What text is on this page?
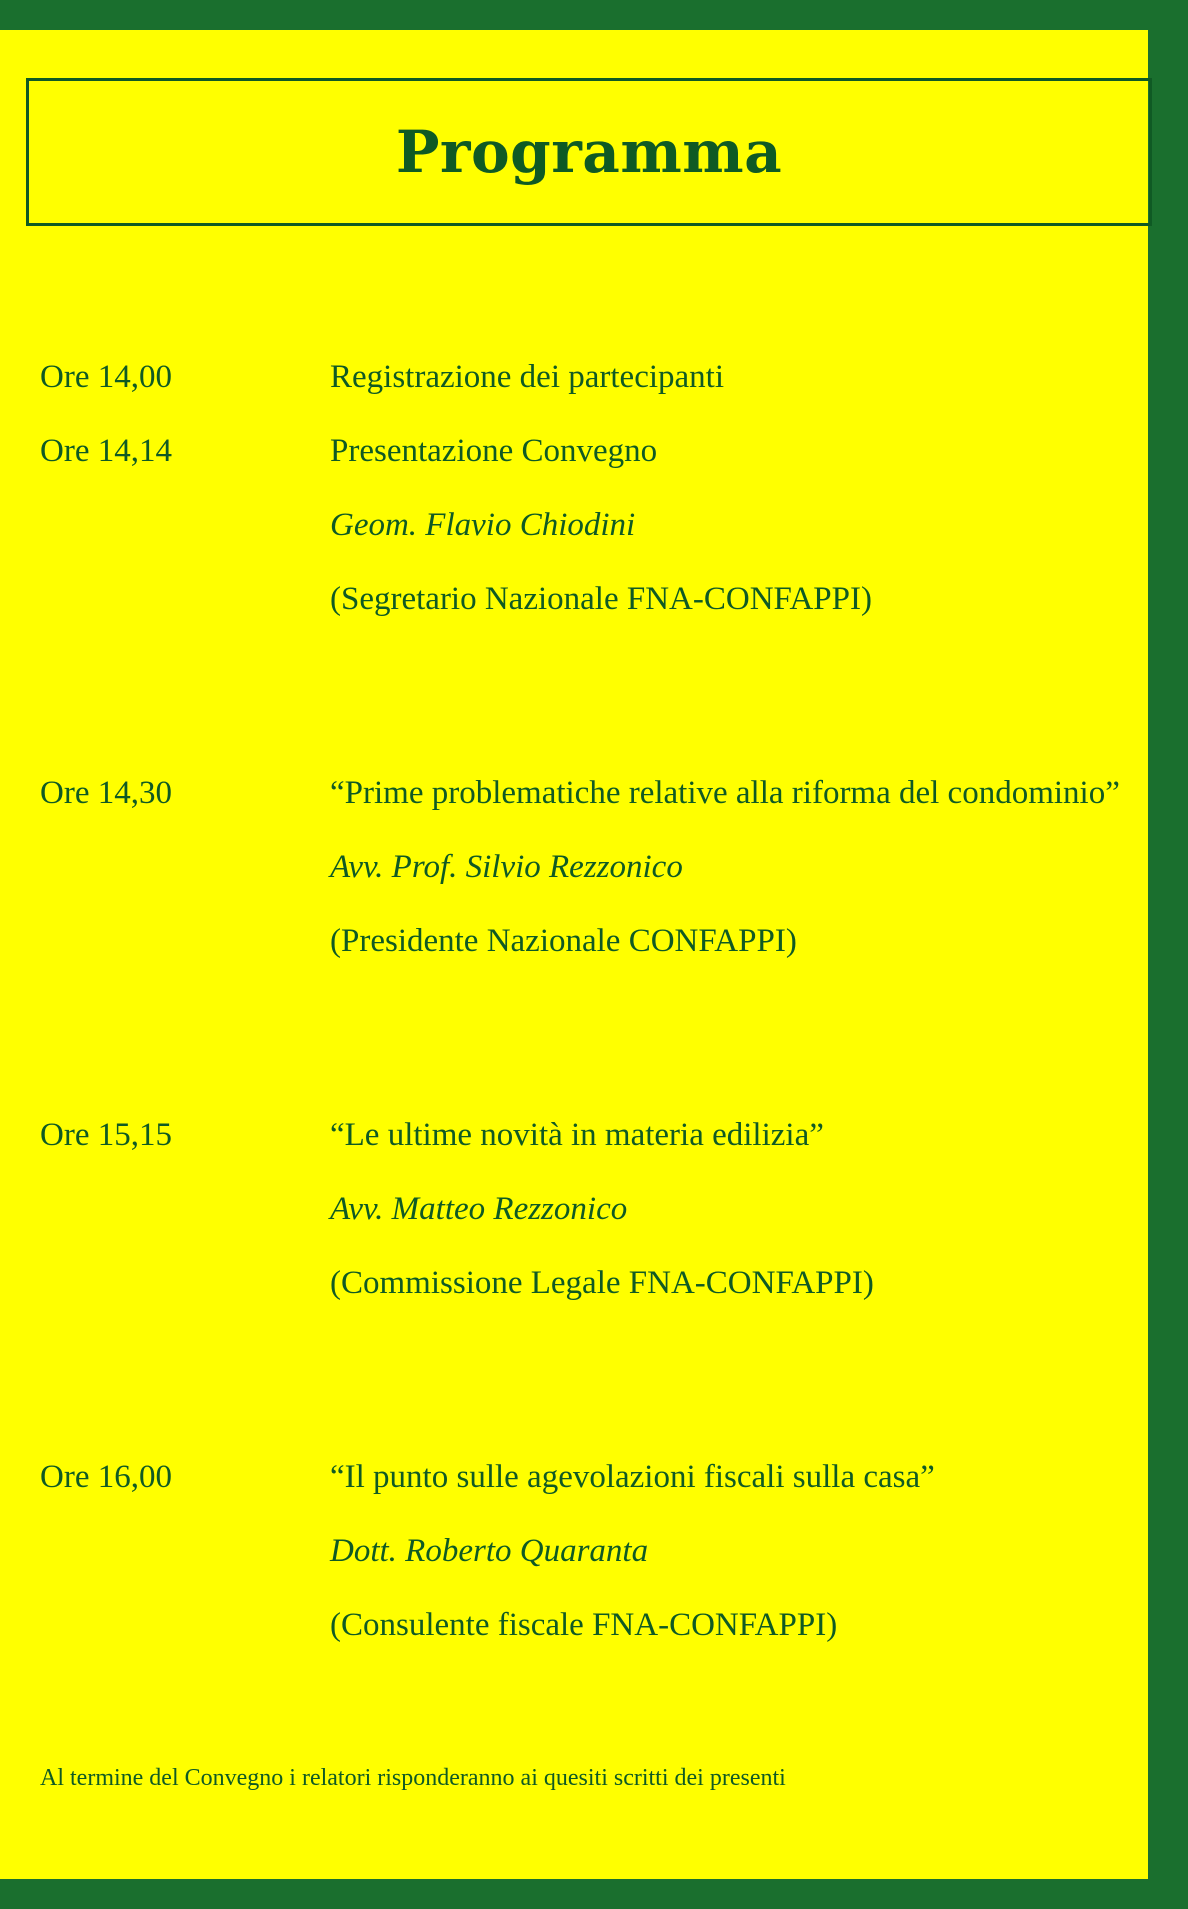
Programma
Ore 14,00	Registrazione dei partecipanti
Ore 14,14	Presentazione Convegno
Geom. Flavio Chiodini
(Segretario Nazionale FNA-CONFAPPI)
Ore 14,30	“Prime problematiche relative alla riforma del condominio”
Avv. Prof. Silvio Rezzonico
(Presidente Nazionale CONFAPPI)
Ore 15,15	“Le ultime novità in materia edilizia”
Avv. Matteo Rezzonico
(Commissione Legale FNA-CONFAPPI)
Ore 16,00	“Il punto sulle agevolazioni fiscali sulla casa”
Dott. Roberto Quaranta
(Consulente fiscale FNA-CONFAPPI)
Al termine del Convegno i relatori risponderanno ai quesiti scritti dei presenti
